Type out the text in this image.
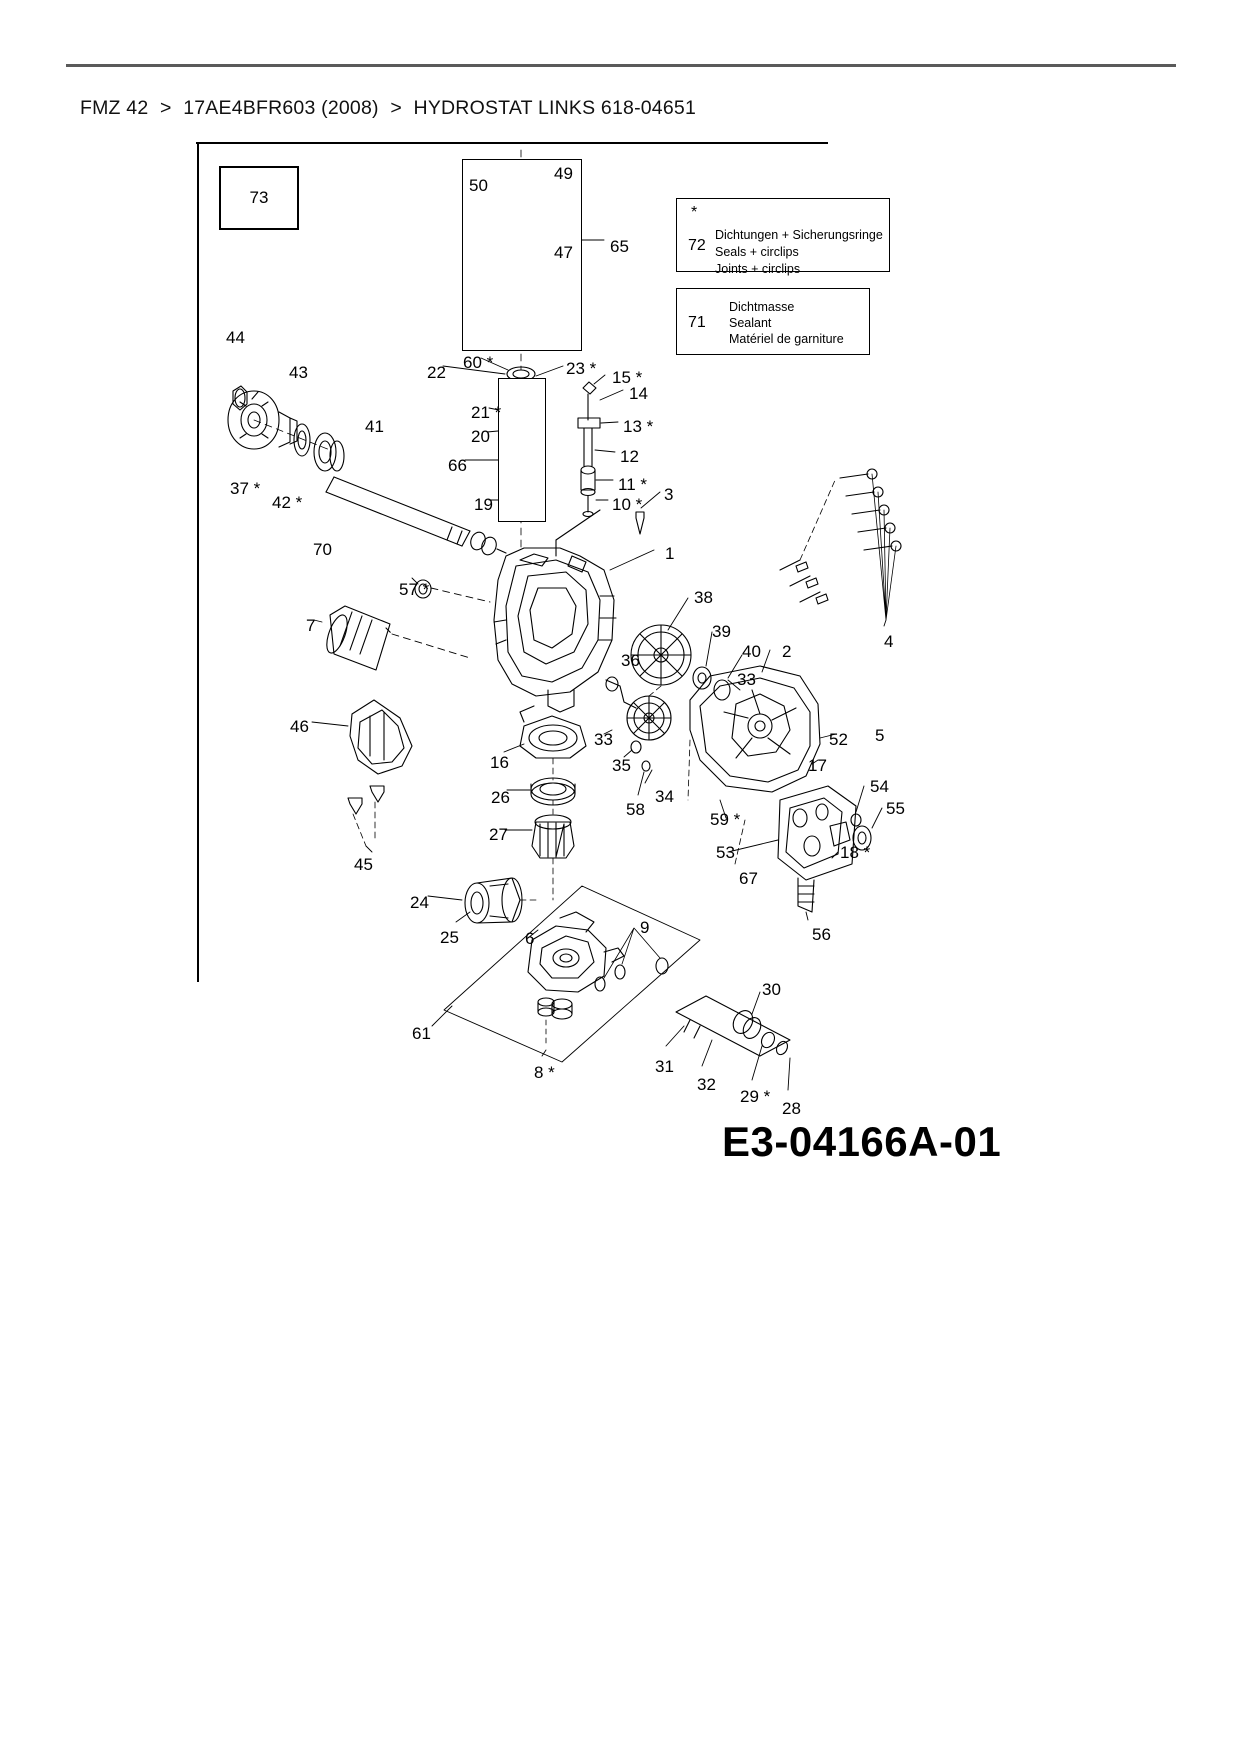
FMZ 42 > 17AE4BFR603 (2008) > HYDROSTAT LINKS 618-04651
73
*
72
Dichtungen + Sicherungsringe
Seals + circlips
Joints + circlips
71
Dichtmasse
Sealant
Matériel de garniture
49
50
65
47
44
43
60 *
22	23 * 15 *
14
41
21 *
13 *
20
12
66
11 *
37 *
42 *	19	10 *
3
70	1
4
57 *	38
7	39
40 2
36
33
46
33	52 5
16	35	17
54
34
26
58
59 *
55
27
53	18 *
45
67
24
25
9
6	56
30
61
31
8 *
32
29 *
28
E3-04166A-01
